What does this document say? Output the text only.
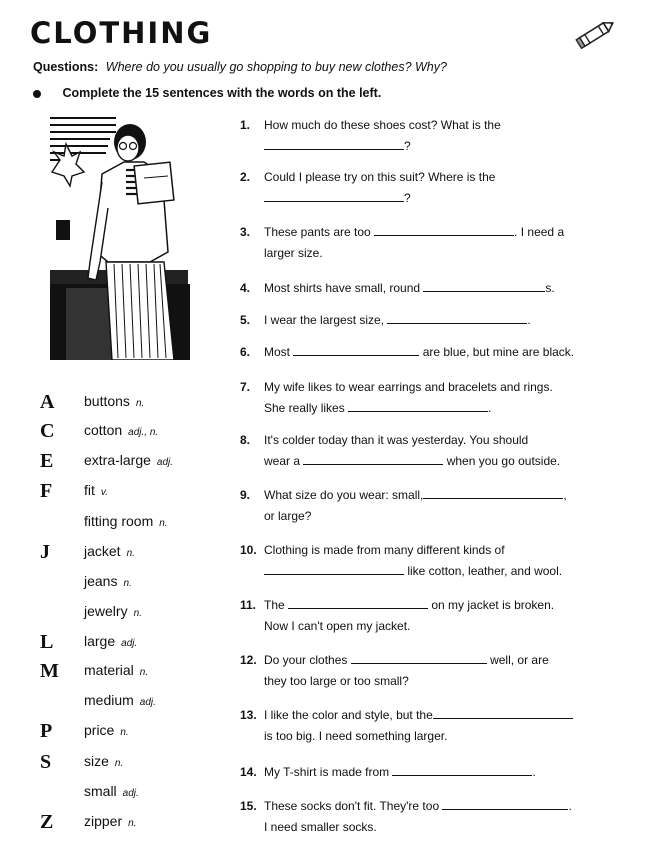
CLOTHING
Questions: Where do you usually go shopping to buy new clothes? Why?
Complete the 15 sentences with the words on the left.
A	buttons n.
C	cotton adj., n.
E	extra-large adj.
F	fit v.
fitting room n.
J	jacket n.
jeans n.
jewelry n.
L	large adj.
M material n.
medium adj.
P	price n.
S	size n.
small adj.
Z	zipper n.
1. How much do these shoes cost? What is the
?
2. Could I please try on this suit? Where is the
?
3. These pants are too	. I need a
larger size.
4. Most shirts have small, round	s.
5. I wear the largest size,	.
6. Most	are blue, but mine are black.
7. My wife likes to wear earrings and bracelets and rings.
She really likes	.
8. It's colder today than it was yesterday. You should
wear a	when you go outside.
9. What size do you wear: small,	,
or large?
10. Clothing is made from many different kinds of
like cotton, leather, and wool.
11. The	on my jacket is broken.
Now I can't open my jacket.
12. Do your clothes	well, or are
they too large or too small?
13. I like the color and style, but the
is too big. I need something larger.
14. My T-shirt is made from	.
15. These socks don't fit. They're too	.
I need smaller socks.
